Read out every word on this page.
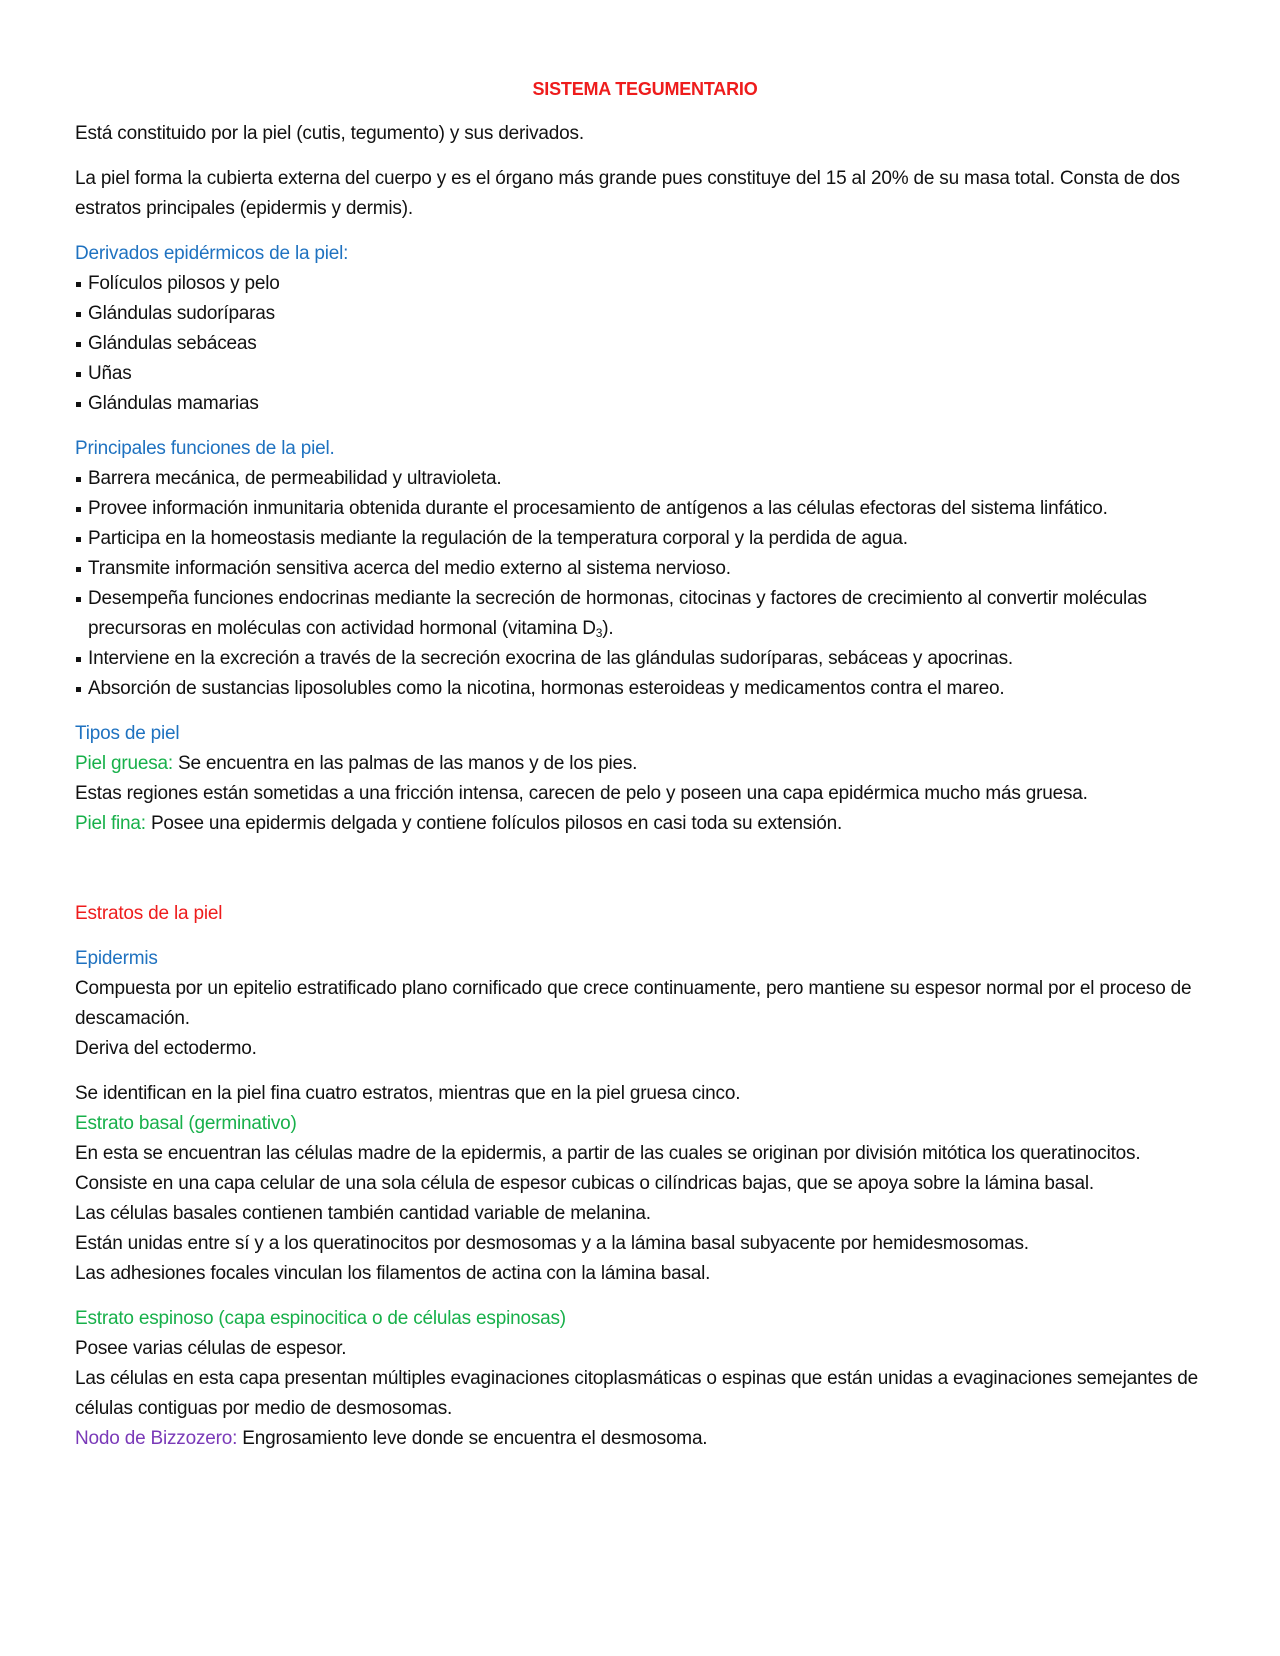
SISTEMA TEGUMENTARIO

Está constituido por la piel (cutis, tegumento) y sus derivados.

La piel forma la cubierta externa del cuerpo y es el órgano más grande pues constituye del 15 al 20% de su masa total. Consta de dos estratos principales (epidermis y dermis).

Derivados epidérmicos de la piel:

Folículos pilosos y pelo
Glándulas sudoríparas
Glándulas sebáceas
Uñas
Glándulas mamarias

Principales funciones de la piel.

Barrera mecánica, de permeabilidad y ultravioleta.
Provee información inmunitaria obtenida durante el procesamiento de antígenos a las células efectoras del sistema linfático.
Participa en la homeostasis mediante la regulación de la temperatura corporal y la perdida de agua.
Transmite información sensitiva acerca del medio externo al sistema nervioso.
Desempeña funciones endocrinas mediante la secreción de hormonas, citocinas y factores de crecimiento al convertir moléculas precursoras en moléculas con actividad hormonal (vitamina $D_3$).
Interviene en la excreción a través de la secreción exocrina de las glándulas sudoríparas, sebáceas y apocrinas.
Absorción de sustancias liposolubles como la nicotina, hormonas esteroideas y medicamentos contra el mareo.

Tipos de piel

Piel gruesa: Se encuentra en las palmas de las manos y de los pies.

Estas regiones están sometidas a una fricción intensa, carecen de pelo y poseen una capa epidérmica mucho más gruesa.

Piel fina: Posee una epidermis delgada y contiene folículos pilosos en casi toda su extensión.

Estratos de la piel

Epidermis

Compuesta por un epitelio estratificado plano cornificado que crece continuamente, pero mantiene su espesor normal por el proceso de descamación.

Deriva del ectodermo.

Se identifican en la piel fina cuatro estratos, mientras que en la piel gruesa cinco.

Estrato basal (germinativo)

En esta se encuentran las células madre de la epidermis, a partir de las cuales se originan por división mitótica los queratinocitos.

Consiste en una capa celular de una sola célula de espesor cubicas o cilíndricas bajas, que se apoya sobre la lámina basal.

Las células basales contienen también cantidad variable de melanina.

Están unidas entre sí y a los queratinocitos por desmosomas y a la lámina basal subyacente por hemidesmosomas.

Las adhesiones focales vinculan los filamentos de actina con la lámina basal.

Estrato espinoso (capa espinocitica o de células espinosas)

Posee varias células de espesor.

Las células en esta capa presentan múltiples evaginaciones citoplasmáticas o espinas que están unidas a evaginaciones semejantes de células contiguas por medio de desmosomas.

Nodo de Bizzozero: Engrosamiento leve donde se encuentra el desmosoma.
